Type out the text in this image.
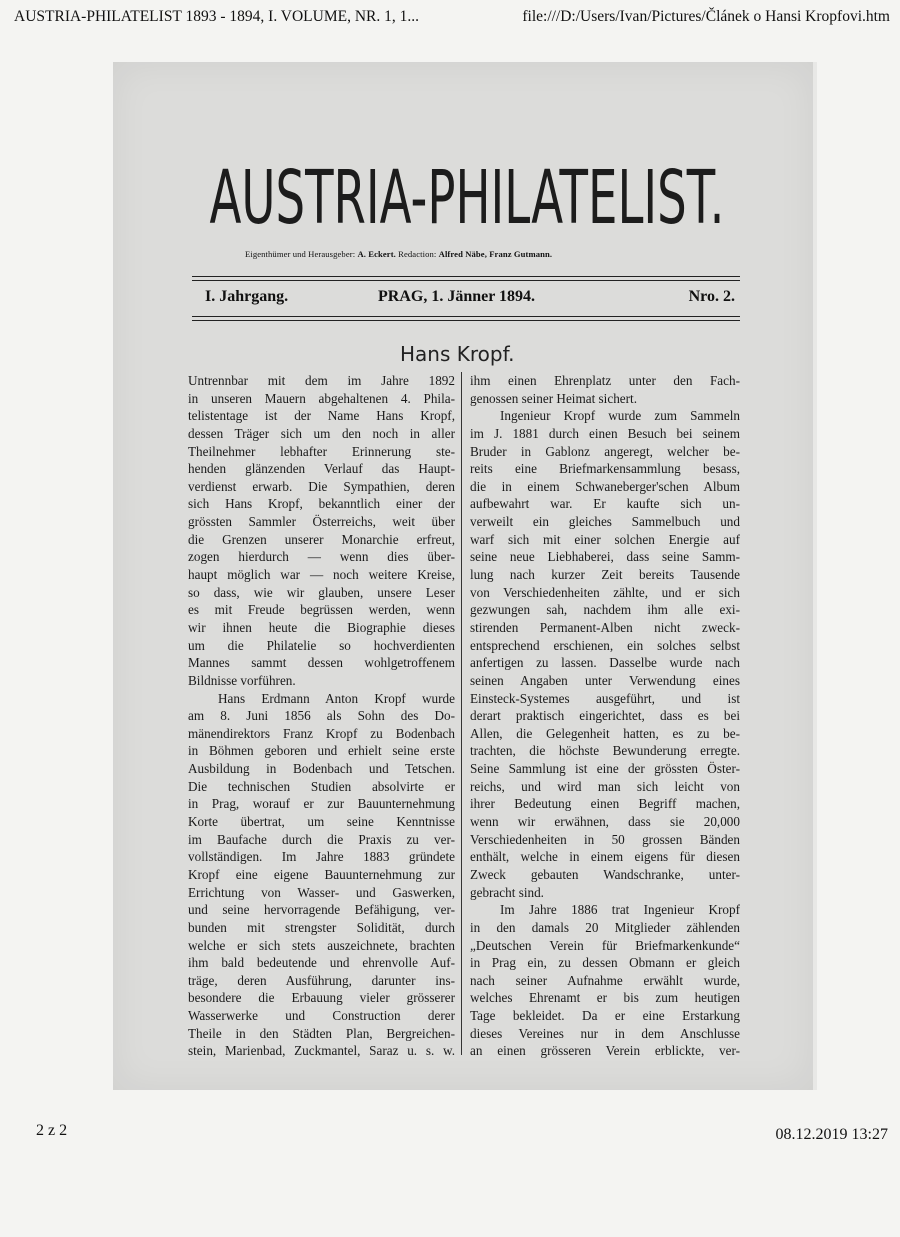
AUSTRIA-PHILATELIST 1893 - 1894, I. VOLUME, NR. 1, 1...	file:///D:/Users/Ivan/Pictures/Článek o Hansi Kropfovi.htm
AUSTRIA-PHILATELIST.
Eigenthümer und Herausgeber: A. Eckert. Redaction: Alfred Näbe, Franz Gutmann.
I. Jahrgang.	PRAG, 1. Jänner 1894.	Nro. 2.
Hans Kropf.
Untrennbar mit dem im Jahre 1892
in unseren Mauern abgehaltenen 4. Phila-
telistentage ist der Name Hans Kropf,
dessen Träger sich um den noch in aller
Theilnehmer lebhafter Erinnerung ste-
henden glänzenden Verlauf das Haupt-
verdienst erwarb. Die Sympathien, deren
sich Hans Kropf, bekanntlich einer der
grössten Sammler Österreichs, weit über
die Grenzen unserer Monarchie erfreut,
zogen hierdurch — wenn dies über-
haupt möglich war — noch weitere Kreise,
so dass, wie wir glauben, unsere Leser
es mit Freude begrüssen werden, wenn
wir ihnen heute die Biographie dieses
um die Philatelie so hochverdienten
Mannes sammt dessen wohlgetroffenem
Bildnisse vorführen.
Hans Erdmann Anton Kropf wurde
am 8. Juni 1856 als Sohn des Do-
mänendirektors Franz Kropf zu Bodenbach
in Böhmen geboren und erhielt seine erste
Ausbildung in Bodenbach und Tetschen.
Die technischen Studien absolvirte er
in Prag, worauf er zur Bauunternehmung
Korte übertrat, um seine Kenntnisse
im Baufache durch die Praxis zu ver-
vollständigen. Im Jahre 1883 gründete
Kropf eine eigene Bauunternehmung zur
Errichtung von Wasser- und Gaswerken,
und seine hervorragende Befähigung, ver-
bunden mit strengster Solidität, durch
welche er sich stets auszeichnete, brachten
ihm bald bedeutende und ehrenvolle Auf-
träge, deren Ausführung, darunter ins-
besondere die Erbauung vieler grösserer
Wasserwerke und Construction derer
Theile in den Städten Plan, Bergreichen-
stein, Marienbad, Zuckmantel, Saraz u. s. w.
ihm einen Ehrenplatz unter den Fach-
genossen seiner Heimat sichert.
Ingenieur Kropf wurde zum Sammeln
im J. 1881 durch einen Besuch bei seinem
Bruder in Gablonz angeregt, welcher be-
reits eine Briefmarkensammlung besass,
die in einem Schwaneberger'schen Album
aufbewahrt war. Er kaufte sich un-
verweilt ein gleiches Sammelbuch und
warf sich mit einer solchen Energie auf
seine neue Liebhaberei, dass seine Samm-
lung nach kurzer Zeit bereits Tausende
von Verschiedenheiten zählte, und er sich
gezwungen sah, nachdem ihm alle exi-
stirenden Permanent-Alben nicht zweck-
entsprechend erschienen, ein solches selbst
anfertigen zu lassen. Dasselbe wurde nach
seinen Angaben unter Verwendung eines
Einsteck-Systemes ausgeführt, und ist
derart praktisch eingerichtet, dass es bei
Allen, die Gelegenheit hatten, es zu be-
trachten, die höchste Bewunderung erregte.
Seine Sammlung ist eine der grössten Öster-
reichs, und wird man sich leicht von
ihrer Bedeutung einen Begriff machen,
wenn wir erwähnen, dass sie 20,000
Verschiedenheiten in 50 grossen Bänden
enthält, welche in einem eigens für diesen
Zweck gebauten Wandschranke, unter-
gebracht sind.
Im Jahre 1886 trat Ingenieur Kropf
in den damals 20 Mitglieder zählenden
„Deutschen Verein für Briefmarkenkunde“
in Prag ein, zu dessen Obmann er gleich
nach seiner Aufnahme erwählt wurde,
welches Ehrenamt er bis zum heutigen
Tage bekleidet. Da er eine Erstarkung
dieses Vereines nur in dem Anschlusse
an einen grösseren Verein erblickte, ver-
2 z 2	08.12.2019 13:27
